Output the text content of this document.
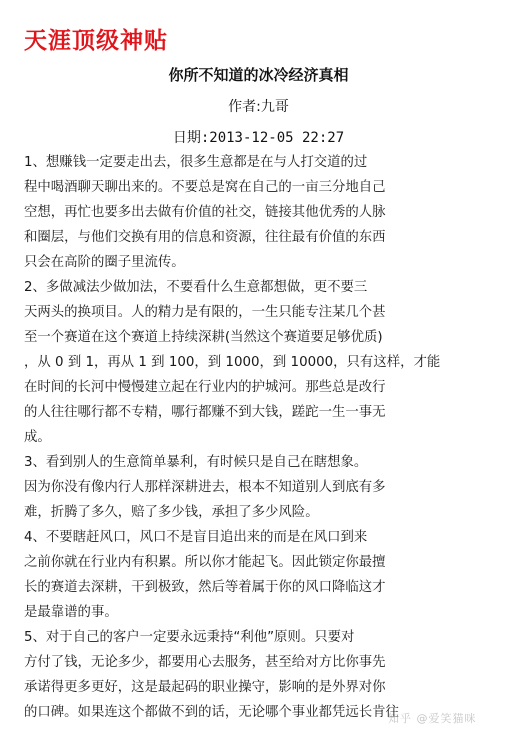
天涯顶级神贴
你所不知道的冰冷经济真相
作者:九哥
日期:2013-12-05 22:27
1、想赚钱一定要走出去，很多生意都是在与人打交道的过
程中喝酒聊天聊出来的。不要总是窝在自己的一亩三分地自己
空想，再忙也要多出去做有价值的社交，链接其他优秀的人脉
和圈层，与他们交换有用的信息和资源，往往最有价值的东西
只会在高阶的圈子里流传。
2、多做减法少做加法，不要看什么生意都想做，更不要三
天两头的换项目。人的精力是有限的，一生只能专注某几个甚
至一个赛道在这个赛道上持续深耕(当然这个赛道要足够优质)
，从 0 到 1，再从 1 到 100，到 1000，到 10000，只有这样，才能
在时间的长河中慢慢建立起在行业内的护城河。那些总是改行
的人往往哪行都不专精，哪行都赚不到大钱，蹉跎一生一事无
成。
3、看到别人的生意简单暴利，有时候只是自己在瞎想象。
因为你没有像内行人那样深耕进去，根本不知道别人到底有多
难，折腾了多久，赔了多少钱，承担了多少风险。
4、不要瞎赶风口，风口不是盲目追出来的而是在风口到来
之前你就在行业内有积累。所以你才能起飞。因此锁定你最擅
长的赛道去深耕，干到极致，然后等着属于你的风口降临这才
是最靠谱的事。
5、对于自己的客户一定要永远秉持“利他”原则。只要对
方付了钱，无论多少，都要用心去服务，甚至给对方比你事先
承诺得更多更好，这是最起码的职业操守，影响的是外界对你
的口碑。如果连这个都做不到的话，无论哪个事业都凭远长肯往
知乎 @爱笑猫咪
